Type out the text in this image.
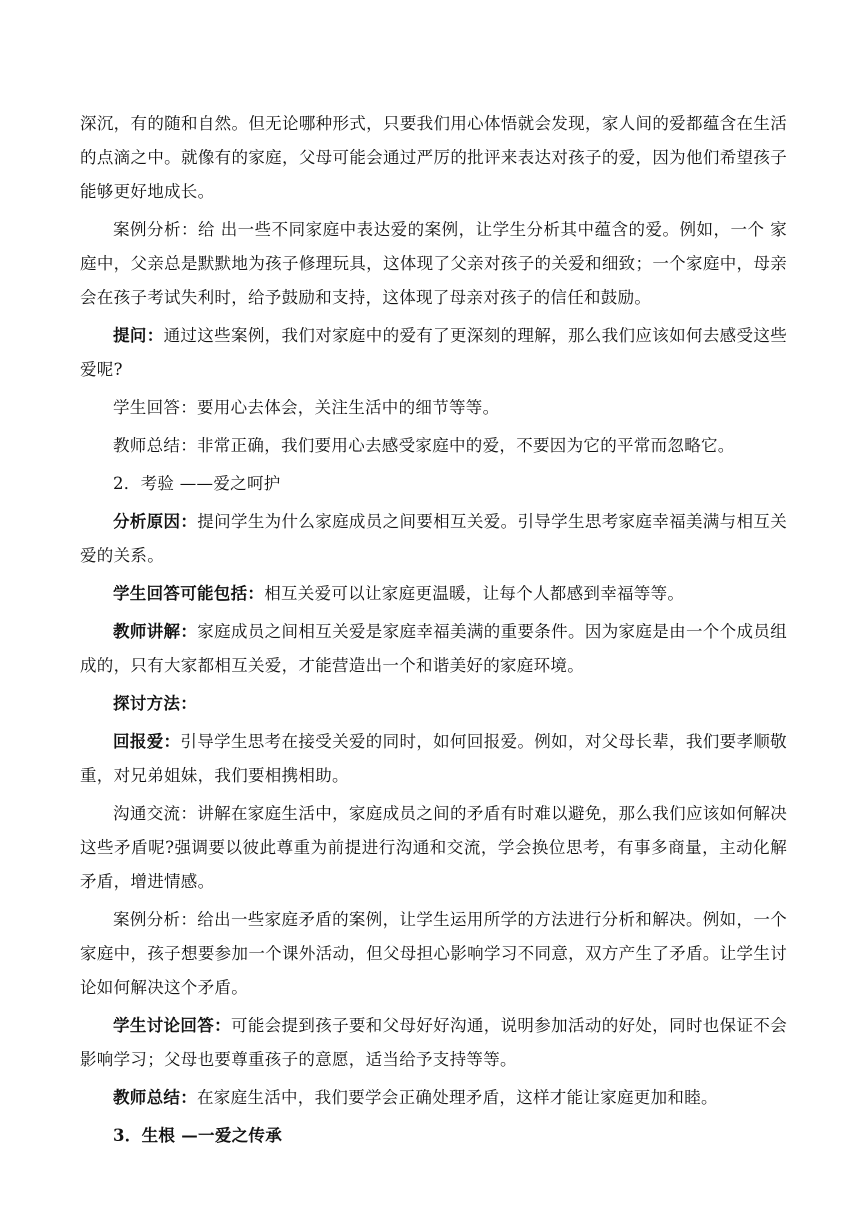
深沉，有的随和自然。但无论哪种形式，只要我们用心体悟就会发现，家人间的爱都蕴含在生活的点滴之中。就像有的家庭，父母可能会通过严厉的批评来表达对孩子的爱，因为他们希望孩子能够更好地成长。

案例分析：给 出一些不同家庭中表达爱的案例，让学生分析其中蕴含的爱。例如，一个 家庭中，父亲总是默默地为孩子修理玩具，这体现了父亲对孩子的关爱和细致；一个家庭中，母亲会在孩子考试失利时，给予鼓励和支持，这体现了母亲对孩子的信任和鼓励。

提问：通过这些案例，我们对家庭中的爱有了更深刻的理解，那么我们应该如何去感受这些爱呢?

学生回答：要用心去体会，关注生活中的细节等等。

教师总结：非常正确，我们要用心去感受家庭中的爱，不要因为它的平常而忽略它。

2．考验 ——爱之呵护

分析原因：提问学生为什么家庭成员之间要相互关爱。引导学生思考家庭幸福美满与相互关爱的关系。

学生回答可能包括：相互关爱可以让家庭更温暖，让每个人都感到幸福等等。

教师讲解：家庭成员之间相互关爱是家庭幸福美满的重要条件。因为家庭是由一个个成员组成的，只有大家都相互关爱，才能营造出一个和谐美好的家庭环境。

探讨方法：

回报爱：引导学生思考在接受关爱的同时，如何回报爱。例如，对父母长辈，我们要孝顺敬重，对兄弟姐妹，我们要相携相助。

沟通交流：讲解在家庭生活中，家庭成员之间的矛盾有时难以避免，那么我们应该如何解决这些矛盾呢?强调要以彼此尊重为前提进行沟通和交流，学会换位思考，有事多商量，主动化解矛盾，增进情感。

案例分析：给出一些家庭矛盾的案例，让学生运用所学的方法进行分析和解决。例如，一个家庭中，孩子想要参加一个课外活动，但父母担心影响学习不同意，双方产生了矛盾。让学生讨论如何解决这个矛盾。

学生讨论回答：可能会提到孩子要和父母好好沟通，说明参加活动的好处，同时也保证不会影响学习；父母也要尊重孩子的意愿，适当给予支持等等。

教师总结：在家庭生活中，我们要学会正确处理矛盾，这样才能让家庭更加和睦。

3．生根 —一爱之传承
